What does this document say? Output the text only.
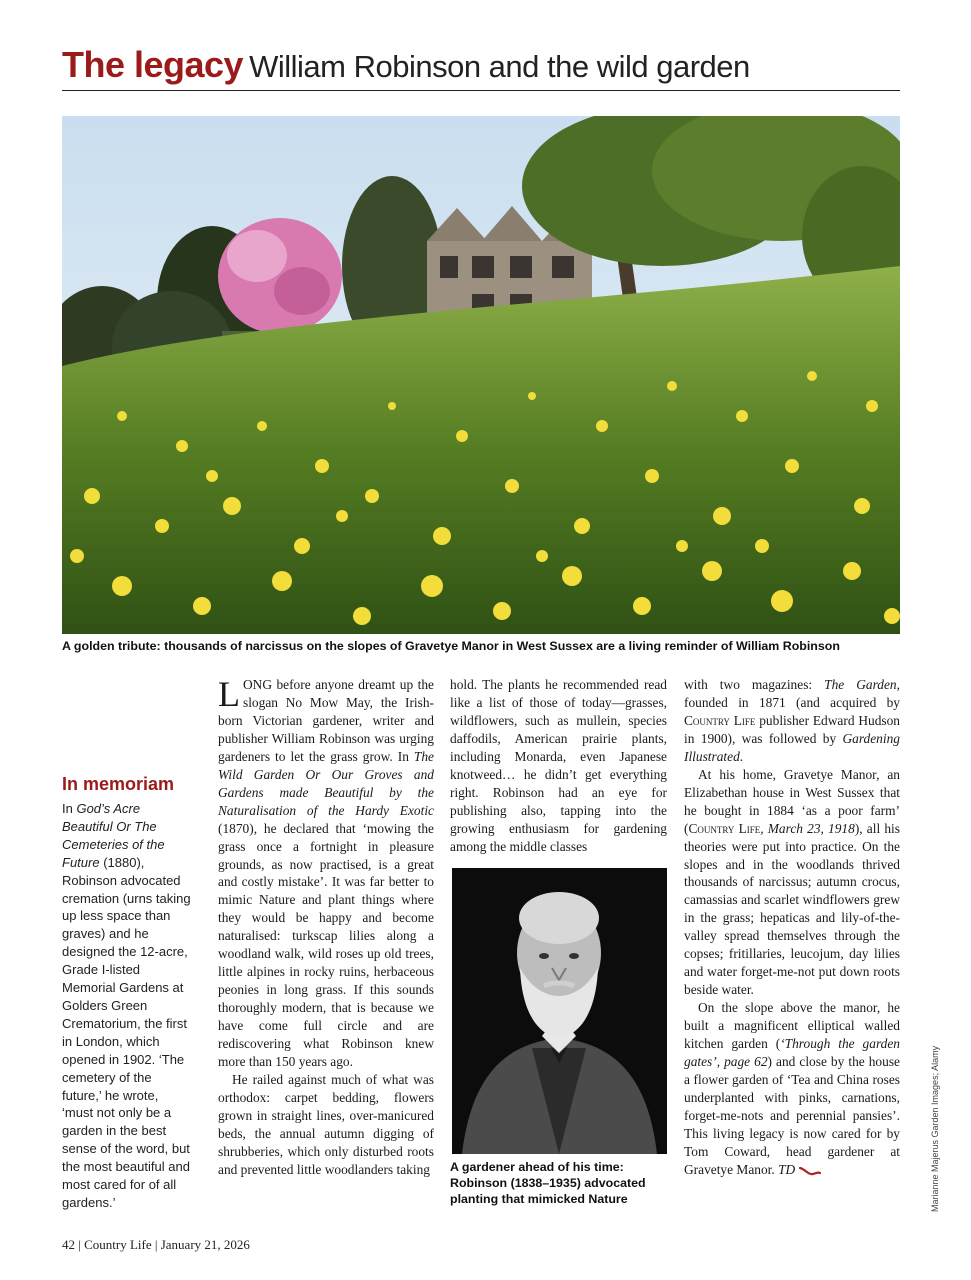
The legacy William Robinson and the wild garden
A golden tribute: thousands of narcissus on the slopes of Gravetye Manor in West Sussex are a living reminder of William Robinson
In memoriam
In God’s Acre Beautiful Or The Cemeteries of the Future (1880), Robinson advocated cremation (urns taking up less space than graves) and he designed the 12-acre, Grade I-listed Memorial Gardens at Golders Green Crematorium, the first in London, which opened in 1902. ‘The cemetery of the future,’ he wrote, ‘must not only be a garden in the best sense of the word, but the most beautiful and most cared for of all gardens.’

LONG before anyone dreamt up the slogan No Mow May, the Irish-born Victorian gardener, writer and publisher William Robinson was urging gardeners to let the grass grow. In The Wild Garden Or Our Groves and Gardens made Beautiful by the Naturalisation of the Hardy Exotic (1870), he declared that ‘mowing the grass once a fortnight in pleasure grounds, as now practised, is a great and costly mistake’. It was far better to mimic Nature and plant things where they would be happy and become naturalised: turkscap lilies along a woodland walk, wild roses up old trees, little alpines in rocky ruins, herbaceous peonies in long grass. If this sounds thoroughly modern, that is because we have come full circle and are rediscovering what Robinson knew more than 150 years ago.

He railed against much of what was orthodox: carpet bedding, flowers grown in straight lines, over-manicured beds, the annual autumn digging of shrubberies, which only disturbed roots and prevented little woodlanders taking

hold. The plants he recommended read like a list of those of today—grasses, wildflowers, such as mullein, species daffodils, American prairie plants, including Monarda, even Japanese knotweed… he didn’t get everything right. Robinson had an eye for publishing also, tapping into the growing enthusiasm for gardening among the middle classes

A gardener ahead of his time: Robinson (1838–1935) advocated planting that mimicked Nature

with two magazines: The Garden, founded in 1871 (and acquired by Country Life publisher Edward Hudson in 1900), was followed by Gardening Illustrated.

At his home, Gravetye Manor, an Elizabethan house in West Sussex that he bought in 1884 ‘as a poor farm’ (Country Life, March 23, 1918), all his theories were put into practice. On the slopes and in the woodlands thrived thousands of narcissus; autumn crocus, camassias and scarlet windflowers grew in the grass; hepaticas and lily-of-the-valley spread themselves through the copses; fritillaries, leucojum, day lilies and water forget-me-not put down roots beside water.

On the slope above the manor, he built a magnificent elliptical walled kitchen garden (‘Through the garden gates’, page 62) and close by the house a flower garden of ‘Tea and China roses underplanted with pinks, carnations, forget-me-nots and perennial pansies’. This living legacy is now cared for by Tom Coward, head gardener at Gravetye Manor. TD

42 | Country Life | January 21, 2026
Marianne Majerus Garden Images; Alamy
